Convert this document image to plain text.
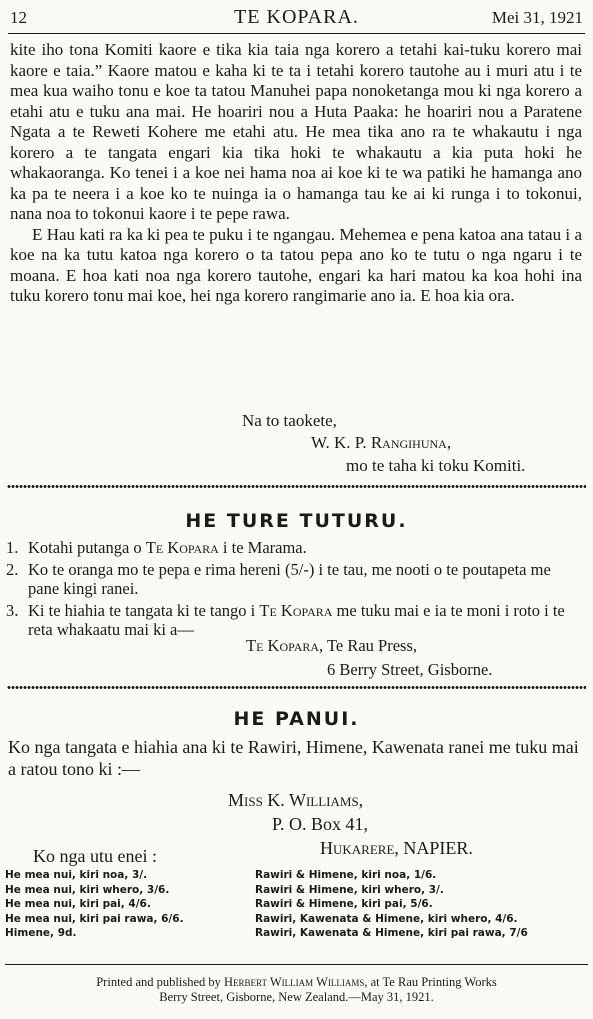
12	TE KOPARA.	Mei 31, 1921

kite iho tona Komiti kaore e tika kia taia nga korero a tetahi kai-tuku korero mai kaore e taia.” Kaore matou e kaha ki te ta i tetahi korero tautohe au i muri atu i te mea kua waiho tonu e koe ta tatou Manuhei papa nonoketanga mou ki nga korero a etahi atu e tuku ana mai. He hoariri nou a Huta Paaka: he hoariri nou a Paratene Ngata a te Reweti Kohere me etahi atu. He mea tika ano ra te whakautu i nga korero a te tangata engari kia tika hoki te whakautu a kia puta hoki he whakaoranga. Ko tenei i a koe nei hama noa ai koe ki te wa patiki he hamanga ano ka pa te neera i a koe ko te nuinga ia o hamanga tau ke ai ki runga i to tokonui, nana noa to tokonui kaore i te pepe rawa.

E Hau kati ra ka ki pea te puku i te ngangau. Mehemea e pena katoa ana tatau i a koe na ka tutu katoa nga korero o ta tatou pepa ano ko te tutu o nga ngaru i te moana. E hoa kati noa nga korero tautohe, engari ka hari matou ka koa hohi ina tuku korero tonu mai koe, hei nga korero rangimarie ano ia. E hoa kia ora.

Na to taokete,
W. K. P. Rangihuna,
mo te taha ki toku Komiti.
HE TURE TUTURU.
1. Kotahi putanga o Te Kopara i te Marama.
2. Ko te oranga mo te pepa e rima hereni (5/-) i te tau, me nooti o te poutapeta me pane kingi ranei.
3. Ki te hiahia te tangata ki te tango i Te Kopara me tuku mai e ia te moni i roto i te reta whakaatu mai ki a—
Te Kopara, Te Rau Press,
6 Berry Street, Gisborne.
HE PANUI.
Ko nga tangata e hiahia ana ki te Rawiri, Himene, Kawenata ranei me tuku mai a ratou tono ki :—
Miss K. Williams,
P. O. Box 41,
Hukarere, NAPIER.
Ko nga utu enei :
He mea nui, kiri noa, 3/.
He mea nui, kiri whero, 3/6.
He mea nui, kiri pai, 4/6.
He mea nui, kiri pai rawa, 6/6.
Himene, 9d.
Rawiri & Himene, kiri noa, 1/6.
Rawiri & Himene, kiri whero, 3/.
Rawiri & Himene, kiri pai, 5/6.
Rawiri, Kawenata & Himene, kiri whero, 4/6.
Rawiri, Kawenata & Himene, kiri pai rawa, 7/6
Printed and published by Herbert William Williams, at Te Rau Printing Works
Berry Street, Gisborne, New Zealand.—May 31, 1921.
